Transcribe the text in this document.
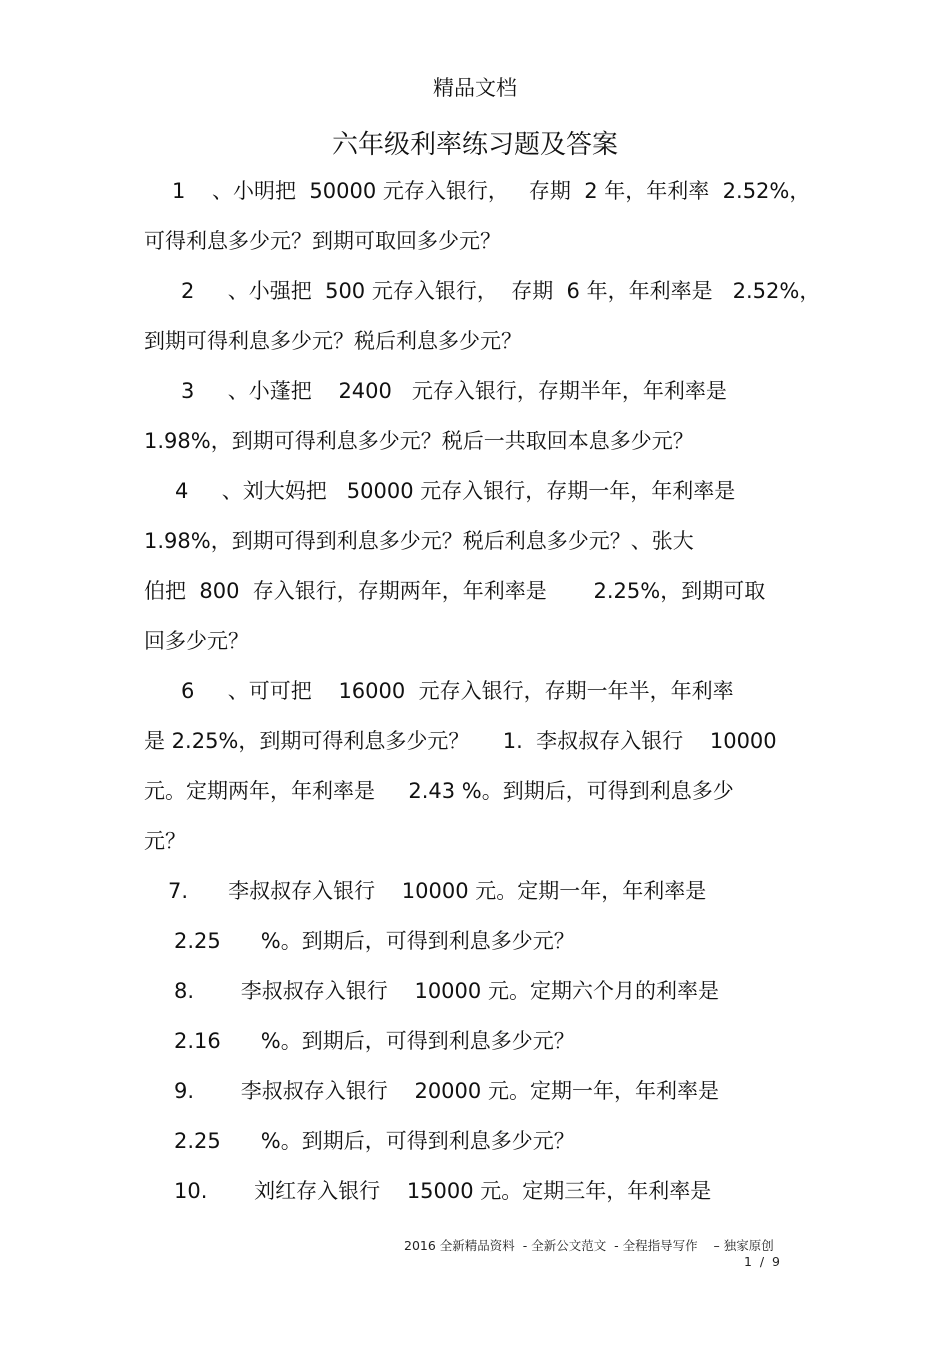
精品文档
六年级利率练习题及答案
1    、小明把  50000 元存入银行，   存期  2 年，年利率  2.52%，
可得利息多少元？到期可取回多少元？
2     、小强把  500 元存入银行，  存期  6 年，年利率是   2.52%，
到期可得利息多少元？税后利息多少元？
3     、小蓬把    2400   元存入银行，存期半年，年利率是
1.98%，到期可得利息多少元？税后一共取回本息多少元？
4     、刘大妈把   50000 元存入银行，存期一年，年利率是
1.98%，到期可得到利息多少元？税后利息多少元？、张大
伯把  800  存入银行，存期两年，年利率是       2.25%，到期可取
回多少元？
6     、可可把    16000  元存入银行，存期一年半，年利率
是 2.25%，到期可得利息多少元？     1.  李叔叔存入银行    10000
元。定期两年，年利率是     2.43 %。到期后，可得到利息多少
元？
7.      李叔叔存入银行    10000 元。定期一年，年利率是
2.25      %。到期后，可得到利息多少元？
8.       李叔叔存入银行    10000 元。定期六个月的利率是
2.16      %。到期后，可得到利息多少元？
9.       李叔叔存入银行    20000 元。定期一年，年利率是
2.25      %。到期后，可得到利息多少元？
10.       刘红存入银行    15000 元。定期三年，年利率是
2016 全新精品资料  - 全新公文范文  - 全程指导写作    – 独家原创
1  /  9
